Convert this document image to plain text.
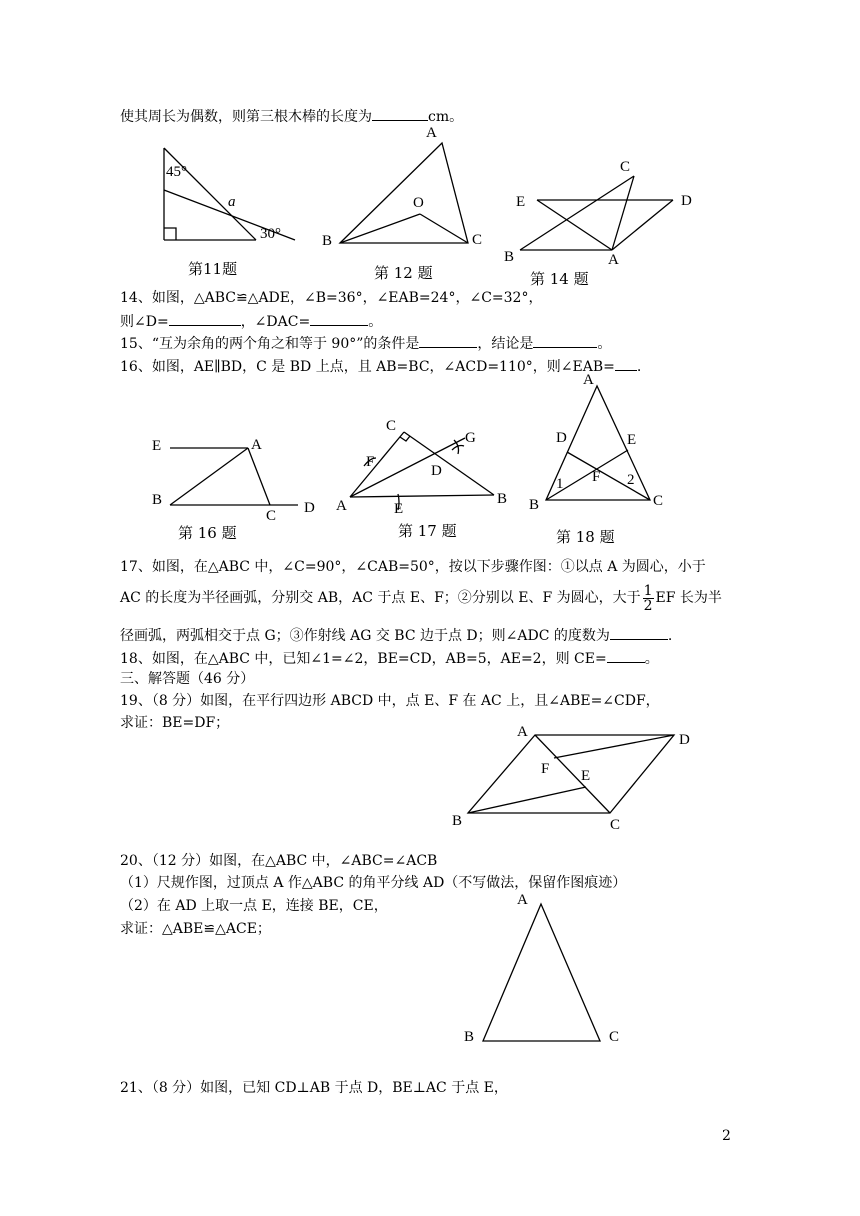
使其周长为偶数，则第三根木棒的长度为	cm。
45°
a
30°
第11题
A
O
B	C
第 12 题
C
E	D
B	A
第 14 题
14、如图，△ABC≌△ADE，∠B=36°，∠EAB=24°，∠C=32°，
则∠D=	，∠DAC=	。
15、“互为余角的两个角之和等于 90°”的条件是	，结论是	。
16、如图，AE∥BD，C 是 BD 上点，且 AB=BC，∠ACD=110°，则∠EAB= .
E	A
B
C D
第 16 题
C
F
G
D
A	E
B
第 17 题
A
D	E
F
1	2
B	C
第 18 题
17、如图，在△ABC 中，∠C=90°，∠CAB=50°，按以下步骤作图：①以点 A 为圆心，小于
AC 的长度为半径画弧，分别交 AB，AC 于点 E、F；②分别以 E、F 为圆心，大于 $\frac{1}{2}$ EF 长为半
径画弧，两弧相交于点 G；③作射线 AG 交 BC 边于点 D；则∠ADC 的度数为	.
18、如图，在△ABC 中，已知∠1=∠2，BE=CD，AB=5，AE=2，则 CE=	。
三、解答题（46 分）
19、（8 分）如图，在平行四边形 ABCD 中，点 E、F 在 AC 上，且∠ABE=∠CDF，
求证：BE=DF；
A	D
F E
B	C
20、（12 分）如图，在△ABC 中，∠ABC=∠ACB
（1）尺规作图，过顶点 A 作△ABC 的角平分线 AD（不写做法，保留作图痕迹）
（2）在 AD 上取一点 E，连接 BE，CE，
求证：△ABE≌△ACE；
A
B	C
21、（8 分）如图，已知 CD⊥AB 于点 D，BE⊥AC 于点 E，
2
